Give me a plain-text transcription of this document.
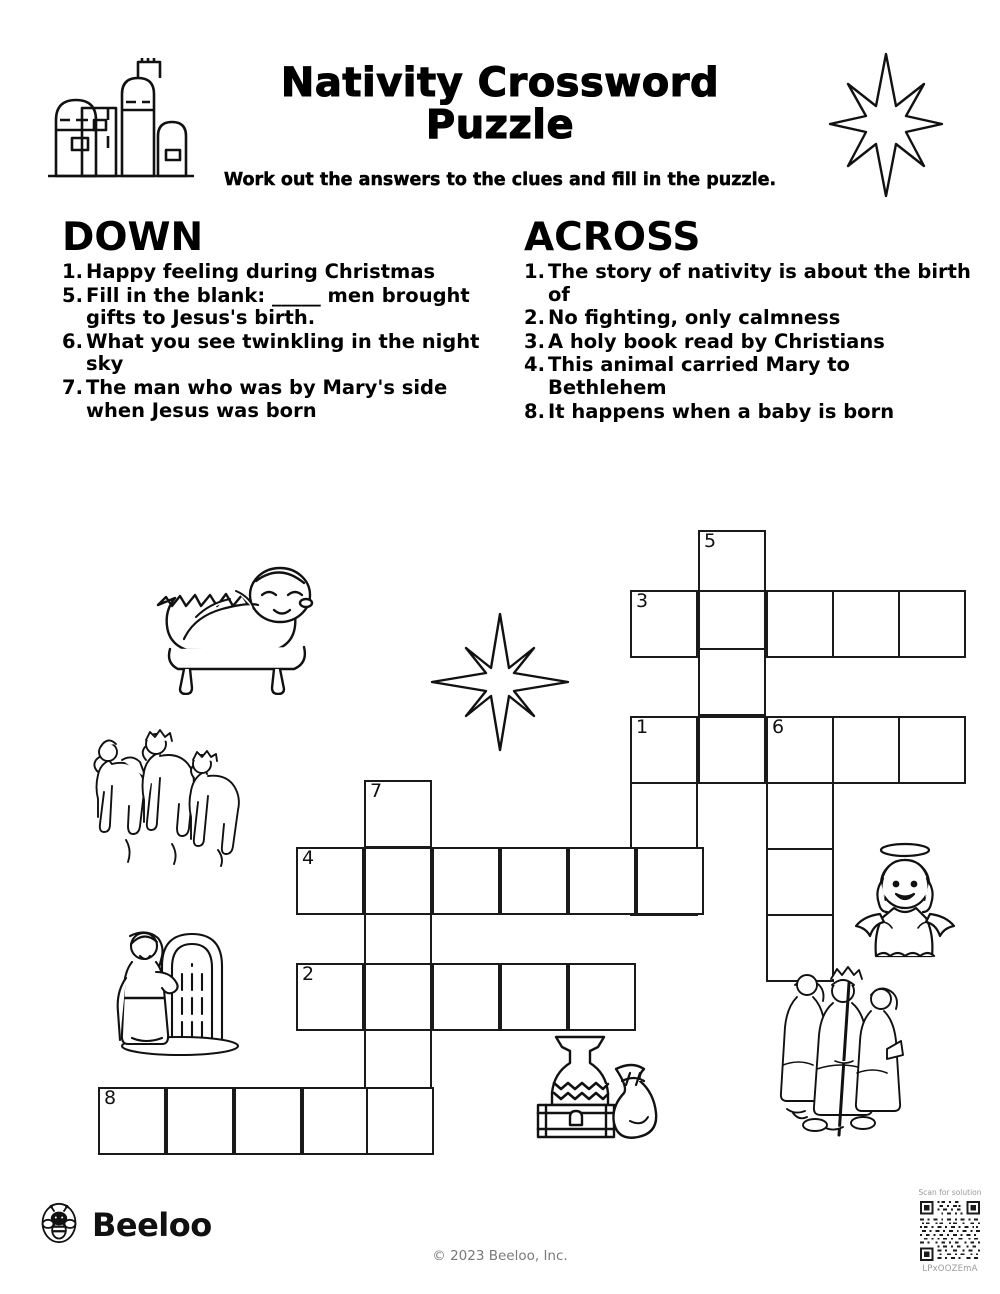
Nativity Crossword Puzzle

Work out the answers to the clues and fill in the puzzle.

DOWN
1. Happy feeling during Christmas
5. Fill in the blank: _____ men brought gifts to Jesus's birth.
6. What you see twinkling in the night sky
7. The man who was by Mary's side when Jesus was born
ACROSS
1. The story of nativity is about the birth of
2. No fighting, only calmness
3. A holy book read by Christians
4. This animal carried Mary to Bethlehem
8. It happens when a baby is born
5
3
1	6
7
4
2
8
Beeloo
© 2023 Beeloo, Inc.
Scan for solution
LPxOOZEmA
